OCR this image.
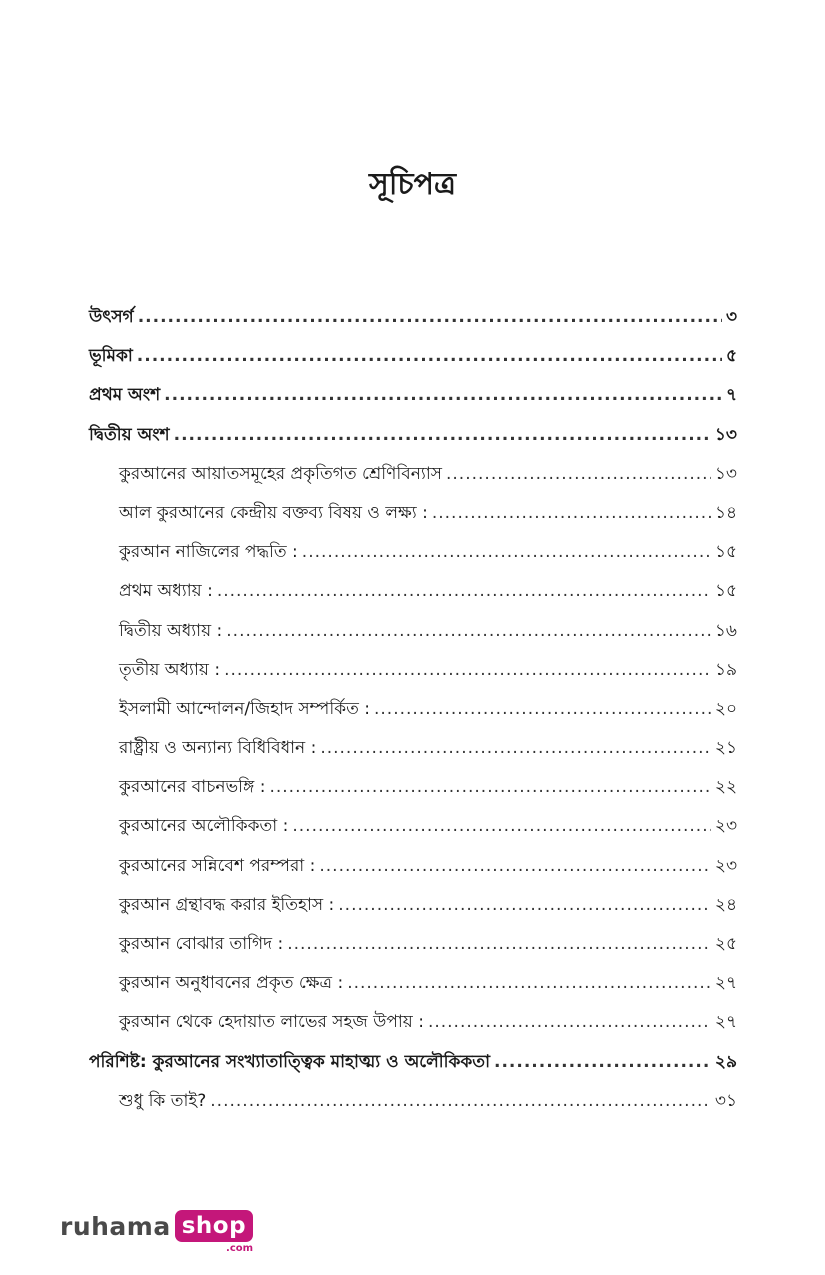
সূচিপত্র
উৎসর্গ .....	৩
ভূমিকা .....	৫
প্রথম অংশ .....	৭
দ্বিতীয় অংশ .....	১৩
কুরআনের আয়াতসমূহের প্রকৃতিগত শ্রেণিবিন্যাস .....	১৩
আল কুরআনের কেন্দ্রীয় বক্তব্য বিষয় ও লক্ষ্য : .....	১৪
কুরআন নাজিলের পদ্ধতি : .....	১৫
প্রথম অধ্যায় : .....	১৫
দ্বিতীয় অধ্যায় : .....	১৬
তৃতীয় অধ্যায় : .....	১৯
ইসলামী আন্দোলন/জিহাদ সম্পর্কিত : .....	২০
রাষ্ট্রীয় ও অন্যান্য বিধিবিধান : .....	২১
কুরআনের বাচনভঙ্গি : .....	২২
কুরআনের অলৌকিকতা : .....	২৩
কুরআনের সন্নিবেশ পরম্পরা : .....	২৩
কুরআন গ্রন্থাবদ্ধ করার ইতিহাস : .....	২৪
কুরআন বোঝার তাগিদ : .....	২৫
কুরআন অনুধাবনের প্রকৃত ক্ষেত্র : .....	২৭
কুরআন থেকে হেদায়াত লাভের সহজ উপায় : .....	২৭
পরিশিষ্ট: কুরআনের সংখ্যাতাত্ত্বিক মাহাত্ম্য ও অলৌকিকতা .....	২৯
শুধু কি তাই? .....	৩১
ruhama shop
.com
